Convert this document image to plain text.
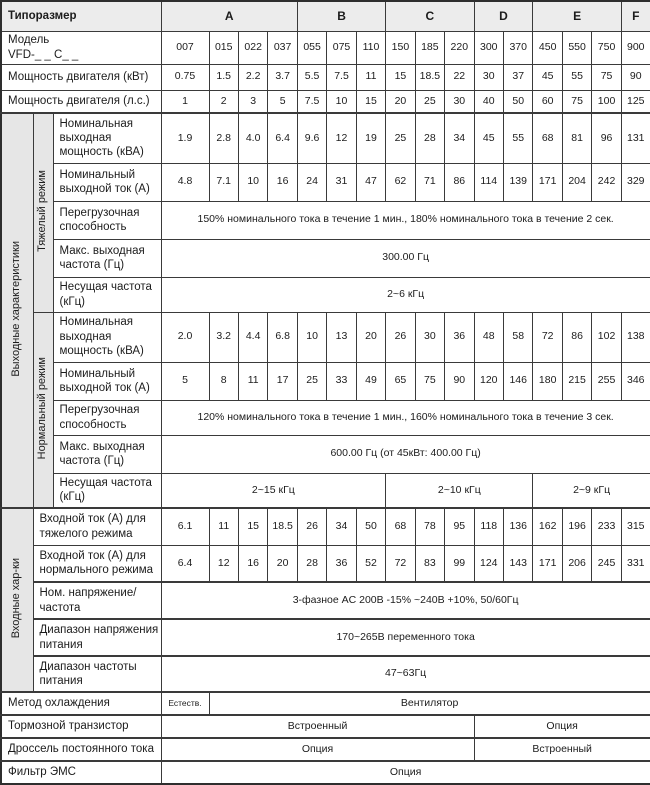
Типоразмер			A				B			C			D		E			F
Модель
VFD-_ _ C_ _			007	015	022	037	055	075	110	150	185	220	300	370	450	550	750	900
Мощность двигателя (кВт)			0.75	1.5	2.2	3.7	5.5	7.5	11	15	18.5	22	30	37	45	55	75	90
Мощность двигателя (л.с.)			1	2	3	5	7.5	10	15	20	25	30	40	50	60	75	100	125
Выходные характеристики	Тяжелый режим	Номинальная выходная мощность (кВА)	1.9	2.8	4.0	6.4	9.6	12	19	25	28	34	45	55	68	81	96	131
		Номинальный выходной ток (А)	4.8	7.1	10	16	24	31	47	62	71	86	114	139	171	204	242	329
		Перегрузочная способность	150% номинального тока в течение 1 мин., 180% номинального тока в течение 2 сек.															
		Макс. выходная частота (Гц)	300.00 Гц															
		Несущая частота (кГц)	2~6 кГц															
	Нормальный режим	Номинальная выходная мощность (кВА)	2.0	3.2	4.4	6.8	10	13	20	26	30	36	48	58	72	86	102	138
		Номинальный выходной ток (А)	5	8	11	17	25	33	49	65	75	90	120	146	180	215	255	346
		Перегрузочная способность	120% номинального тока в течение 1 мин., 160% номинального тока в течение 3 сек.															
		Макс. выходная частота (Гц)	600.00 Гц (от 45кВт: 400.00 Гц)															
		Несущая частота (кГц)	2~15 кГц							2~10 кГц					2~9 кГц			
Входные хар-ки	Входной ток (А) для тяжелого режима		6.1	11	15	18.5	26	34	50	68	78	95	118	136	162	196	233	315
	Входной ток (А) для нормального режима		6.4	12	16	20	28	36	52	72	83	99	124	143	171	206	245	331
	Ном. напряжение/ частота		3-фазное AC 200В -15% ~240В +10%, 50/60Гц															
	Диапазон напряжения питания		170~265В переменного тока															
	Диапазон частоты питания		47~63Гц															
Метод охлаждения			Естеств.	Вентилятор														
Тормозной транзистор			Встроенный										Опция					
Дроссель постоянного тока			Опция										Встроенный					
Фильтр ЭМС			Опция															
